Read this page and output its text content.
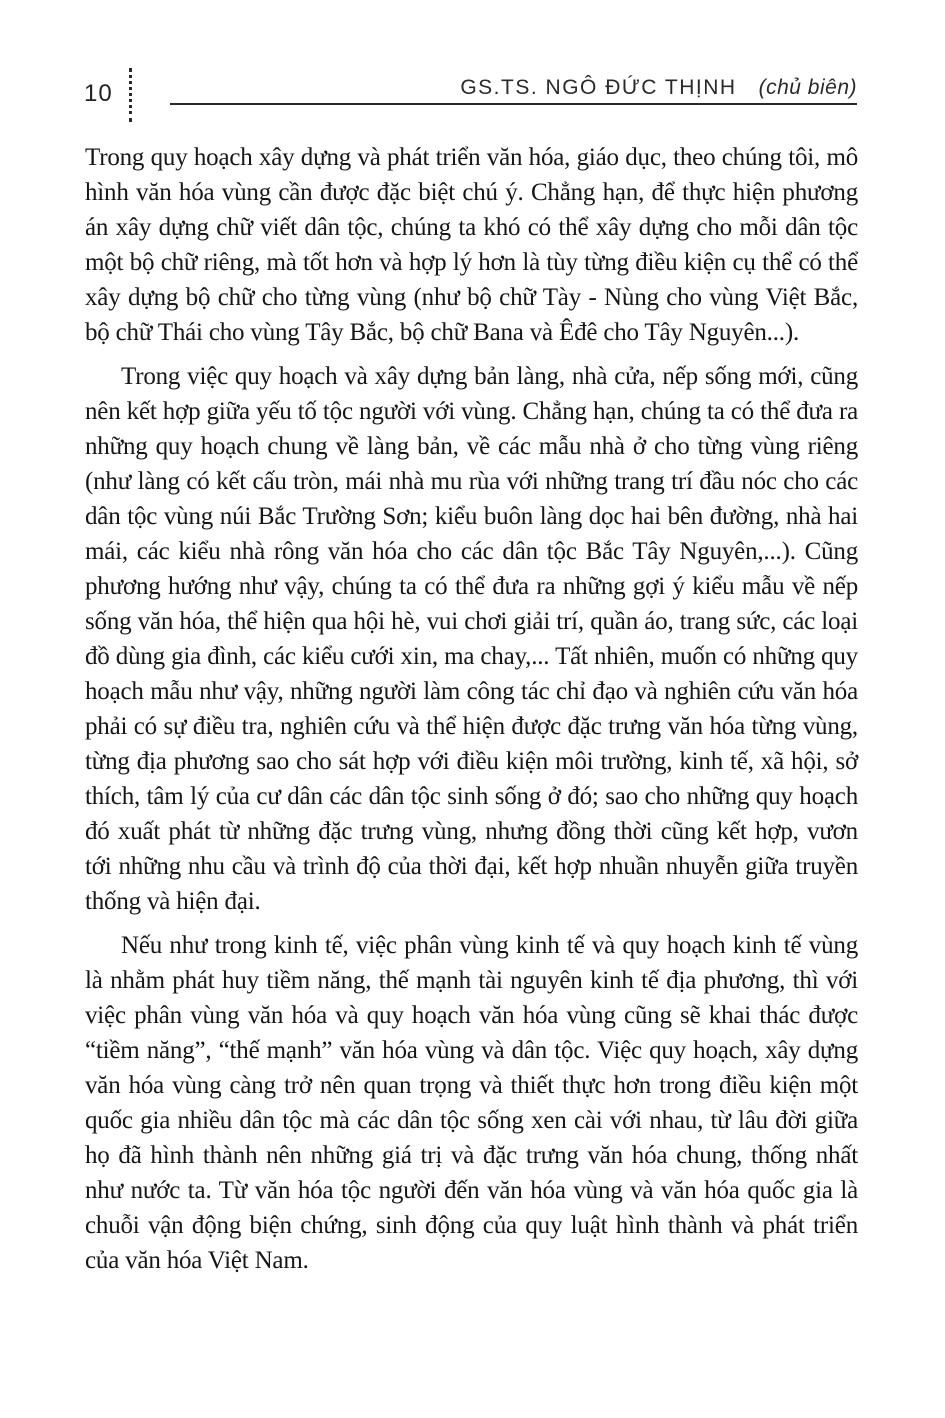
10	GS.TS. NGÔ ĐỨC THỊNH (chủ biên)

Trong quy hoạch xây dựng và phát triển văn hóa, giáo dục, theo chúng tôi, mô hình văn hóa vùng cần được đặc biệt chú ý. Chẳng hạn, để thực hiện phương án xây dựng chữ viết dân tộc, chúng ta khó có thể xây dựng cho mỗi dân tộc một bộ chữ riêng, mà tốt hơn và hợp lý hơn là tùy từng điều kiện cụ thể có thể xây dựng bộ chữ cho từng vùng (như bộ chữ Tày - Nùng cho vùng Việt Bắc, bộ chữ Thái cho vùng Tây Bắc, bộ chữ Bana và Êđê cho Tây Nguyên...).

Trong việc quy hoạch và xây dựng bản làng, nhà cửa, nếp sống mới, cũng nên kết hợp giữa yếu tố tộc người với vùng. Chẳng hạn, chúng ta có thể đưa ra những quy hoạch chung về làng bản, về các mẫu nhà ở cho từng vùng riêng (như làng có kết cấu tròn, mái nhà mu rùa với những trang trí đầu nóc cho các dân tộc vùng núi Bắc Trường Sơn; kiểu buôn làng dọc hai bên đường, nhà hai mái, các kiểu nhà rông văn hóa cho các dân tộc Bắc Tây Nguyên,...). Cũng phương hướng như vậy, chúng ta có thể đưa ra những gợi ý kiểu mẫu về nếp sống văn hóa, thể hiện qua hội hè, vui chơi giải trí, quần áo, trang sức, các loại đồ dùng gia đình, các kiểu cưới xin, ma chay,... Tất nhiên, muốn có những quy hoạch mẫu như vậy, những người làm công tác chỉ đạo và nghiên cứu văn hóa phải có sự điều tra, nghiên cứu và thể hiện được đặc trưng văn hóa từng vùng, từng địa phương sao cho sát hợp với điều kiện môi trường, kinh tế, xã hội, sở thích, tâm lý của cư dân các dân tộc sinh sống ở đó; sao cho những quy hoạch đó xuất phát từ những đặc trưng vùng, nhưng đồng thời cũng kết hợp, vươn tới những nhu cầu và trình độ của thời đại, kết hợp nhuần nhuyễn giữa truyền thống và hiện đại.

Nếu như trong kinh tế, việc phân vùng kinh tế và quy hoạch kinh tế vùng là nhằm phát huy tiềm năng, thế mạnh tài nguyên kinh tế địa phương, thì với việc phân vùng văn hóa và quy hoạch văn hóa vùng cũng sẽ khai thác được “tiềm năng”, “thế mạnh” văn hóa vùng và dân tộc. Việc quy hoạch, xây dựng văn hóa vùng càng trở nên quan trọng và thiết thực hơn trong điều kiện một quốc gia nhiều dân tộc mà các dân tộc sống xen cài với nhau, từ lâu đời giữa họ đã hình thành nên những giá trị và đặc trưng văn hóa chung, thống nhất như nước ta. Từ văn hóa tộc người đến văn hóa vùng và văn hóa quốc gia là chuỗi vận động biện chứng, sinh động của quy luật hình thành và phát triển của văn hóa Việt Nam.
